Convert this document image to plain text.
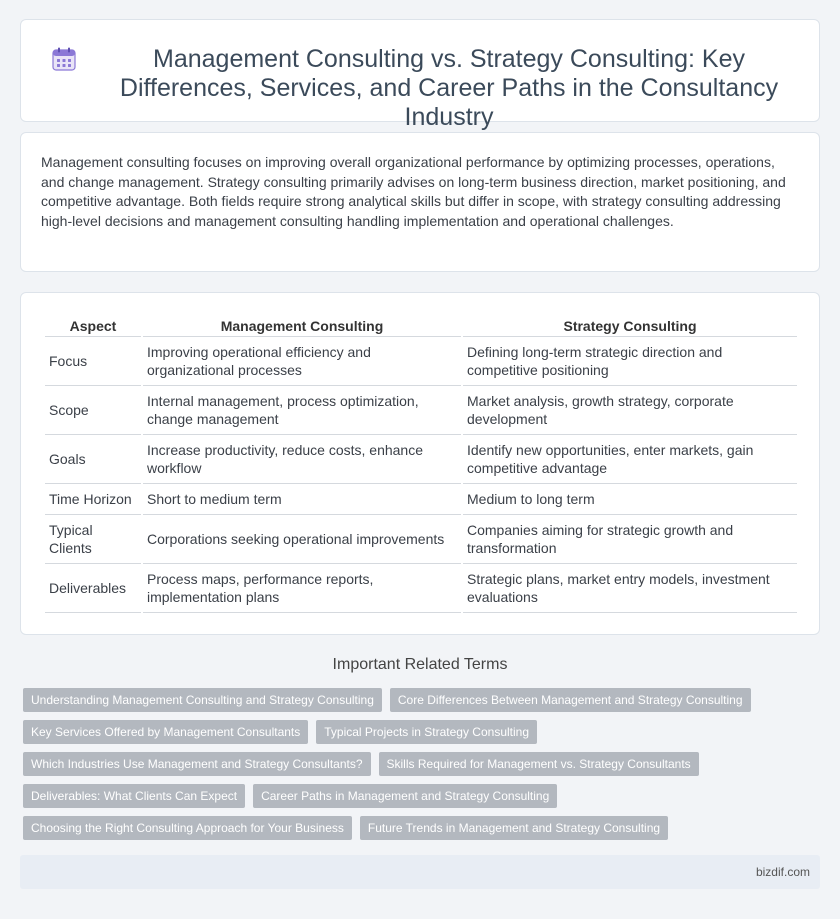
Management Consulting vs. Strategy Consulting: Key Differences, Services, and Career Paths in the Consultancy Industry

Management consulting focuses on improving overall organizational performance by optimizing processes, operations, and change management. Strategy consulting primarily advises on long-term business direction, market positioning, and competitive advantage. Both fields require strong analytical skills but differ in scope, with strategy consulting addressing high-level decisions and management consulting handling implementation and operational challenges.

Aspect	Management Consulting	Strategy Consulting
Focus	Improving operational efficiency and organizational processes	Defining long-term strategic direction and competitive positioning
Scope	Internal management, process optimization, change management	Market analysis, growth strategy, corporate development
Goals	Increase productivity, reduce costs, enhance workflow	Identify new opportunities, enter markets, gain competitive advantage
Time Horizon	Short to medium term	Medium to long term
Typical Clients	Corporations seeking operational improvements	Companies aiming for strategic growth and transformation
Deliverables	Process maps, performance reports, implementation plans	Strategic plans, market entry models, investment evaluations
Important Related Terms
Understanding Management Consulting and Strategy Consulting	Core Differences Between Management and Strategy Consulting
Key Services Offered by Management Consultants	Typical Projects in Strategy Consulting
Which Industries Use Management and Strategy Consultants?	Skills Required for Management vs. Strategy Consultants
Deliverables: What Clients Can Expect	Career Paths in Management and Strategy Consulting
Choosing the Right Consulting Approach for Your Business	Future Trends in Management and Strategy Consulting
bizdif.com
